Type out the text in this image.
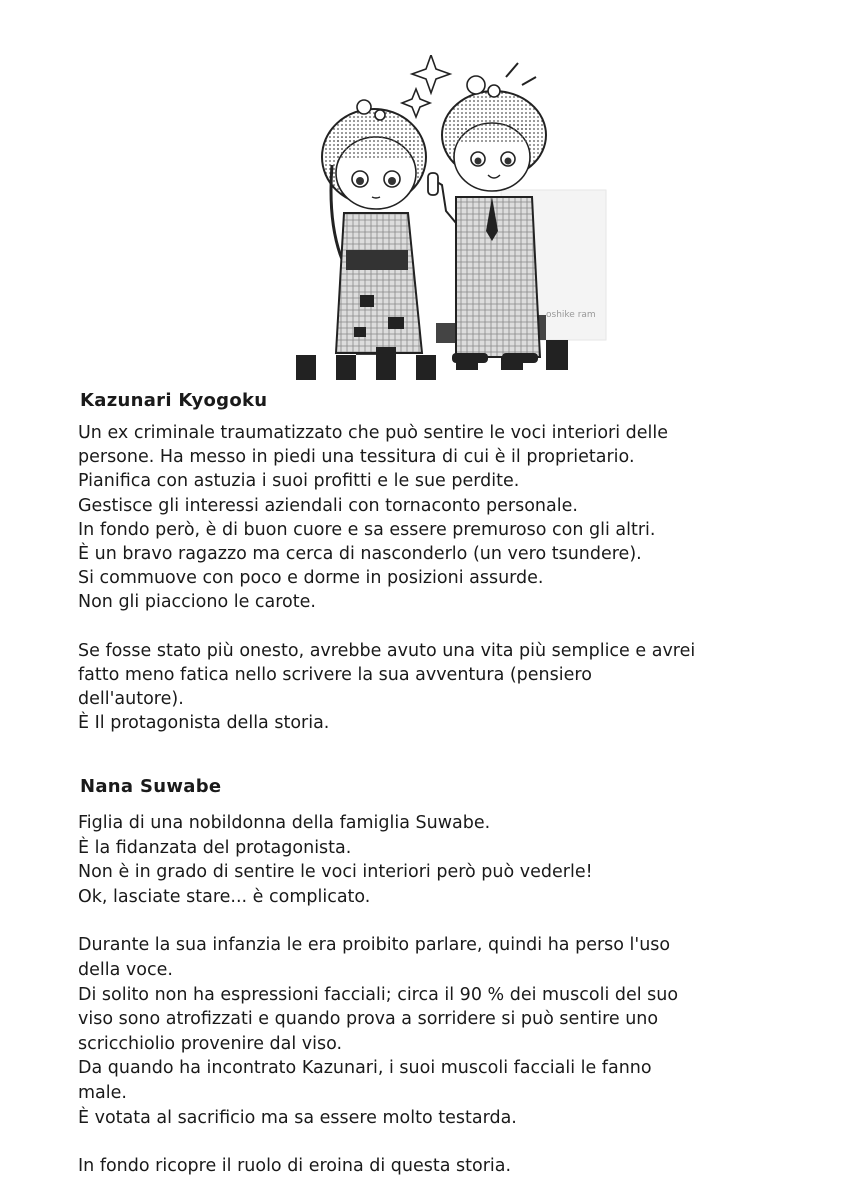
oshike ram
Kazunari Kyogoku

Un ex criminale traumatizzato che può sentire le voci interiori delle

persone. Ha messo in piedi una tessitura di cui è il proprietario.

Pianifica con astuzia i suoi profitti e le sue perdite.

Gestisce gli interessi aziendali con tornaconto personale.

In fondo però, è di buon cuore e sa essere premuroso con gli altri.

È un bravo ragazzo ma cerca di nasconderlo (un vero tsundere).

Si commuove con poco e dorme in posizioni assurde.

Non gli piacciono le carote.

Se fosse stato più onesto, avrebbe avuto una vita più semplice e avrei

fatto meno fatica nello scrivere la sua avventura (pensiero

dell'autore).

È Il protagonista della storia.

Nana Suwabe

Figlia di una nobildonna della famiglia Suwabe.

È la fidanzata del protagonista.

Non è in grado di sentire le voci interiori però può vederle!

Ok, lasciate stare... è complicato.

Durante la sua infanzia le era proibito parlare, quindi ha perso l'uso

della voce.

Di solito non ha espressioni facciali; circa il 90 % dei muscoli del suo

viso sono atrofizzati e quando prova a sorridere si può sentire uno

scricchiolio provenire dal viso.

Da quando ha incontrato Kazunari, i suoi muscoli facciali le fanno

male.

È votata al sacrificio ma sa essere molto testarda.

In fondo ricopre il ruolo di eroina di questa storia.
